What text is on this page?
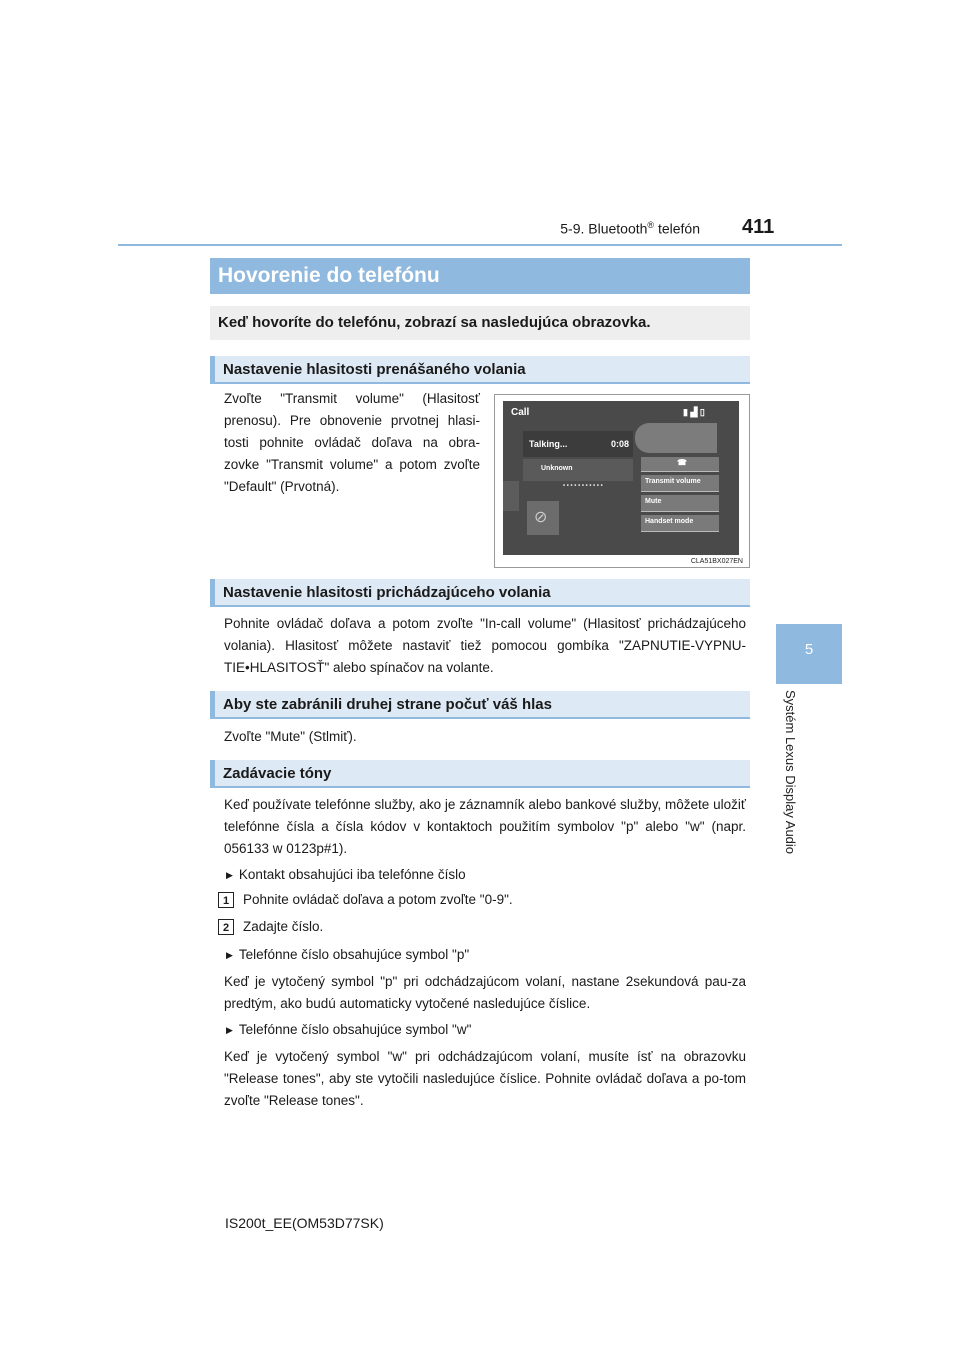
5-9. Bluetooth® telefón 411
5
Systém Lexus Display Audio
Hovorenie do telefónu
Keď hovoríte do telefónu, zobrazí sa nasledujúca obrazovka.
Nastavenie hlasitosti prenášaného volania
Zvoľte "Transmit volume" (Hlasitosť prenosu). Pre obnovenie prvotnej hlasi-tosti pohnite ovládač doľava na obra-zovke "Transmit volume" a potom zvoľte "Default" (Prvotná).
Call	▮ ▟ ▯
Talking...	0:08
Unknown
• • • • • • • • • • •
⊘
☎
Transmit volume
Mute
Handset mode
CLA51BX027EN
Nastavenie hlasitosti prichádzajúceho volania
Pohnite ovládač doľava a potom zvoľte "In-call volume" (Hlasitosť prichádzajúceho volania). Hlasitosť môžete nastaviť tiež pomocou gombíka "ZAPNUTIE-VYPNU-TIE•HLASITOSŤ" alebo spínačov na volante.
Aby ste zabránili druhej strane počuť váš hlas
Zvoľte "Mute" (Stlmiť).
Zadávacie tóny
Keď používate telefónne služby, ako je záznamník alebo bankové služby, môžete uložiť telefónne čísla a čísla kódov v kontaktoch použitím symbolov "p" alebo "w" (napr. 056133 w 0123p#1).
▶ Kontakt obsahujúci iba telefónne číslo
1	Pohnite ovládač doľava a potom zvoľte "0-9".
2	Zadajte číslo.
▶ Telefónne číslo obsahujúce symbol "p"
Keď je vytočený symbol "p" pri odchádzajúcom volaní, nastane 2sekundová pau-za predtým, ako budú automaticky vytočené nasledujúce číslice.
▶ Telefónne číslo obsahujúce symbol "w"
Keď je vytočený symbol "w" pri odchádzajúcom volaní, musíte ísť na obrazovku "Release tones", aby ste vytočili nasledujúce číslice. Pohnite ovládač doľava a po-tom zvoľte "Release tones".
IS200t_EE(OM53D77SK)
